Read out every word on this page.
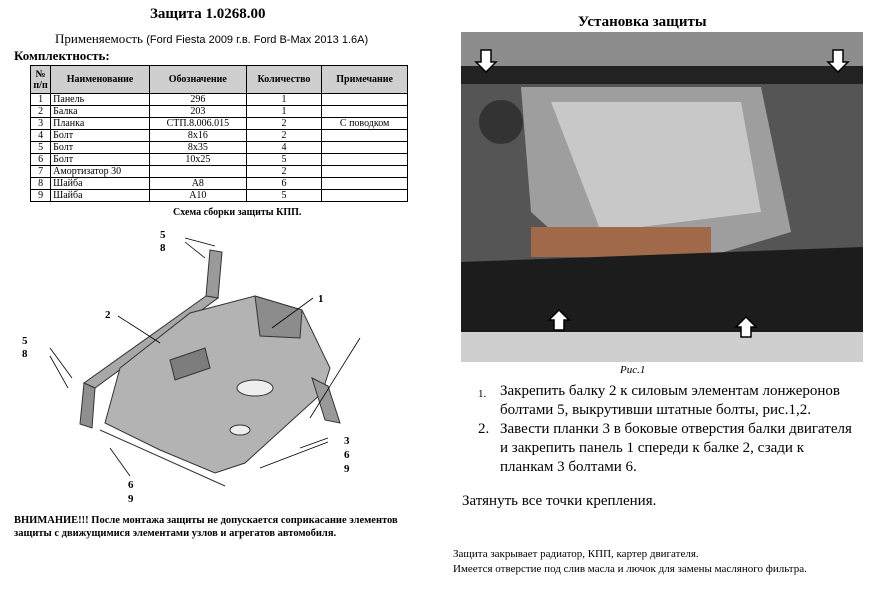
Защита 1.0268.00
Применяемость (Ford Fiesta 2009 г.в. Ford B-Max 2013 1.6A)
Комплектность:
№ п/п	Наименование	Обозначение	Количество	Примечание
1	Панель	296	1	
2	Балка	203	1	
3	Планка	СТП.8.006.015	2	С поводком
4	Болт	8х16	2	
5	Болт	8х35	4	
6	Болт	10х25	5	
7	Амортизатор 30		2	
8	Шайба	А8	6	
9	Шайба	А10	5	
Схема сборки защиты КПП.
5
8
1
2
5
8
3
6
9
6
9
ВНИМАНИЕ!!! После монтажа защиты не допускается соприкасание элементов защиты с движущимися элементами узлов и агрегатов автомобиля.
Установка защиты
Рис.1
1. Закрепить балку 2 к силовым элементам лонжеронов болтами 5, выкрутивши штатные болты, рис.1,2.
2. Завести планки 3 в боковые отверстия балки двигателя и закрепить панель 1 спереди к балке 2, сзади к планкам 3 болтами 6.
Затянуть все точки крепления.
Защита закрывает радиатор, КПП, картер двигателя.
Имеется отверстие под слив масла и лючок для замены масляного фильтра.
